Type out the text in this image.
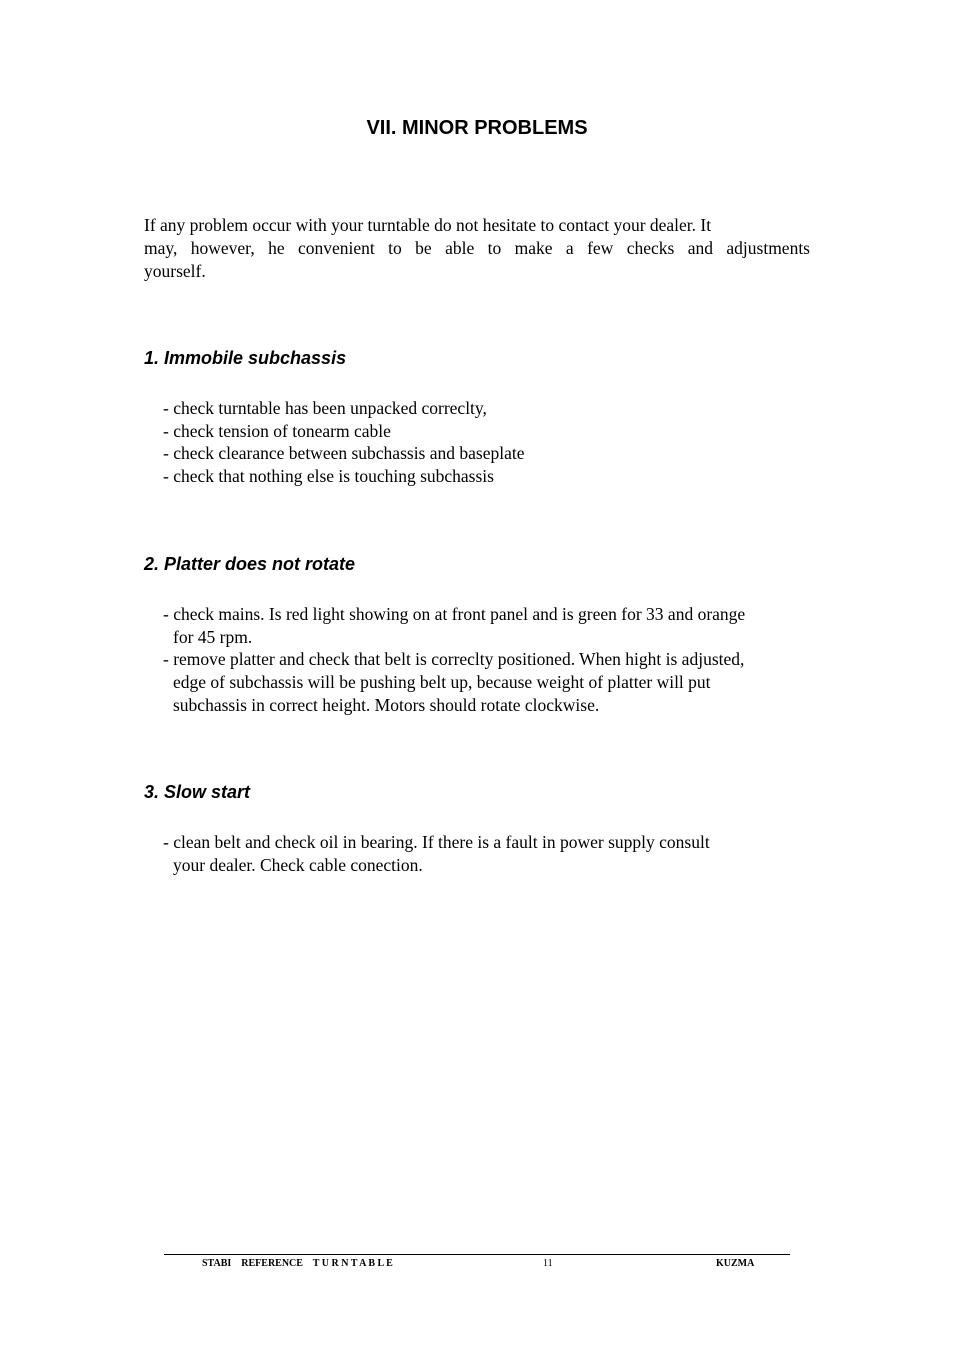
VII. MINOR PROBLEMS
If any problem occur with your turntable do not hesitate to contact your dealer. It
may, however, he convenient to be able to make a few checks and adjustments
yourself.
1. Immobile subchassis
- check turntable has been unpacked correclty,
- check tension of tonearm cable
- check clearance between subchassis and baseplate
- check that nothing else is touching subchassis
2. Platter does not rotate
- check mains. Is red light showing on at front panel and is green for 33 and orange
for 45 rpm.
- remove platter and check that belt is correclty positioned. When hight is adjusted,
edge of subchassis will be pushing belt up, because weight of platter will put
subchassis in correct height. Motors should rotate clockwise.
3. Slow start
- clean belt and check oil in bearing. If there is a fault in power supply consult
your dealer. Check cable conection.
STABI    REFERENCE    T U R N T A B L E	11	KUZMA
